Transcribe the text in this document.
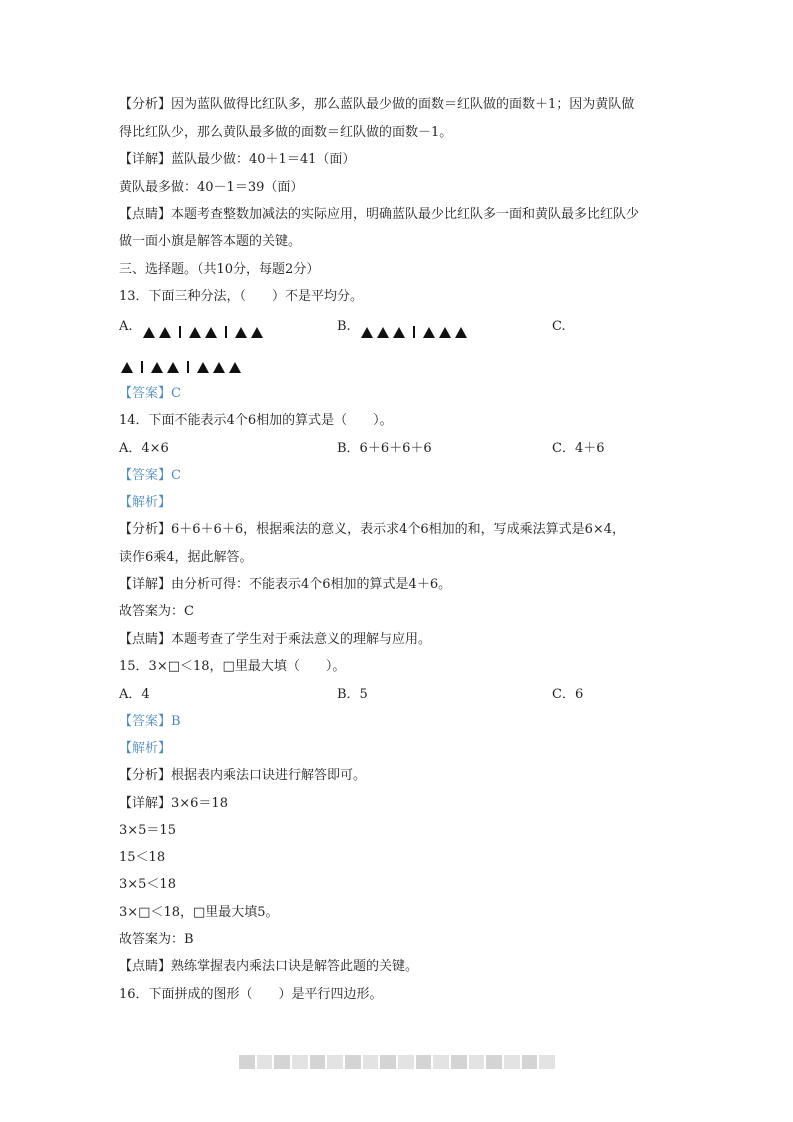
【分析】因为蓝队做得比红队多，那么蓝队最少做的面数＝红队做的面数＋1；因为黄队做
得比红队少，那么黄队最多做的面数＝红队做的面数－1。
【详解】蓝队最少做：40＋1＝41（面）
黄队最多做：40－1＝39（面）
【点睛】本题考查整数加减法的实际应用，明确蓝队最少比红队多一面和黄队最多比红队少
做一面小旗是解答本题的关键。
三、选择题。（共10分，每题2分）
13．下面三种分法，（　　）不是平均分。
A.	B.	C.
【答案】C
14．下面不能表示4个6相加的算式是（　　）。
A．4×6	B．6＋6＋6＋6	C．4＋6
【答案】C
【解析】
【分析】6＋6＋6＋6，根据乘法的意义，表示求4个6相加的和，写成乘法算式是6×4，
读作6乘4，据此解答。
【详解】由分析可得：不能表示4个6相加的算式是4＋6。
故答案为：C
【点睛】本题考查了学生对于乘法意义的理解与应用。
15．3×□＜18，□里最大填（　　）。
A．4	B．5	C．6
【答案】B
【解析】
【分析】根据表内乘法口诀进行解答即可。
【详解】3×6＝18
3×5＝15
15＜18
3×5＜18
3×□＜18，□里最大填5。
故答案为：B
【点睛】熟练掌握表内乘法口诀是解答此题的关键。
16．下面拼成的图形（　　）是平行四边形。
